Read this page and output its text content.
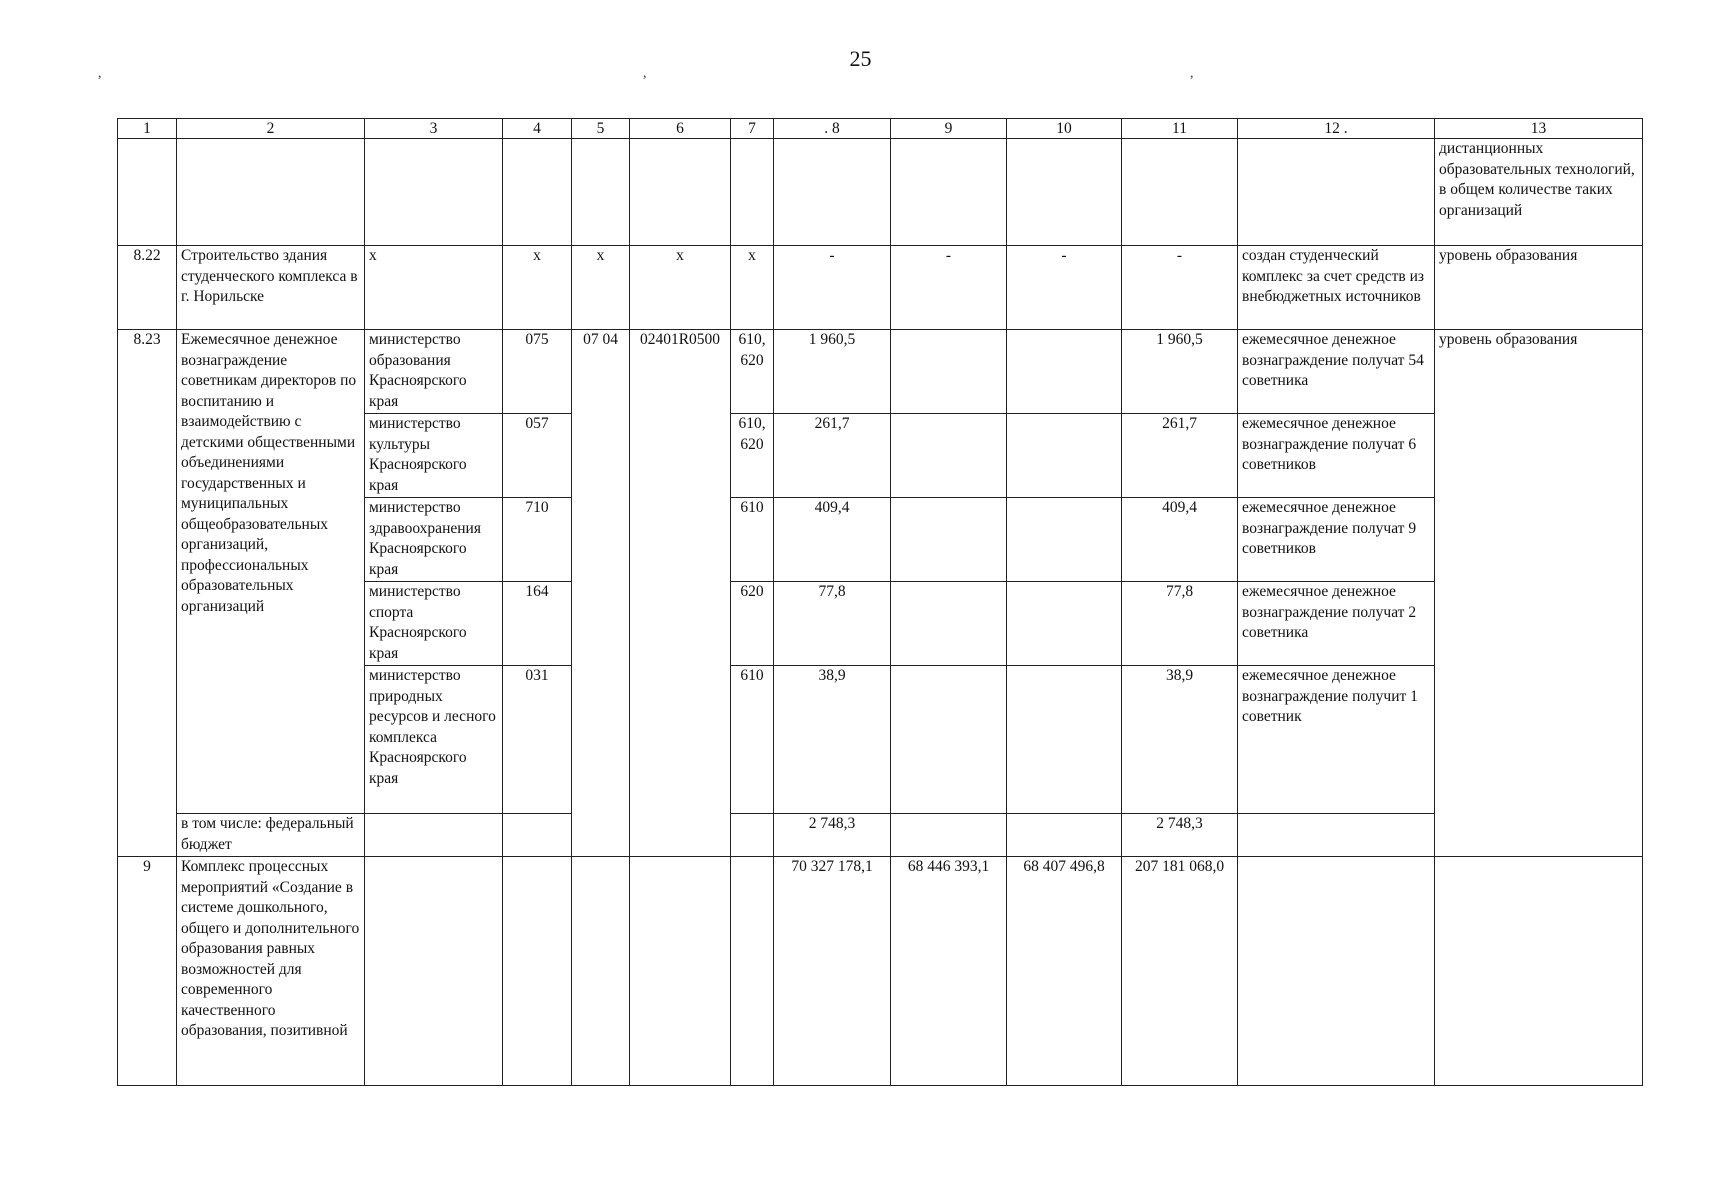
25
,	,	,
1	2	3	4	5	6	7	. 8	9	10	11	12 .	13
												дистанционных образовательных технологий, в общем количестве таких организаций
8.22	Строительство здания студенческого комплекса в г. Норильске	х	х	х	х	х	-	-	-	-	создан студенческий комплекс за счет средств из внебюджетных источников	уровень образования
8.23	Ежемесячное денежное вознаграждение советникам директоров по воспитанию и взаимодействию с детскими общественными объединениями государственных и муниципальных общеобразовательных организаций, профессиональных образовательных организаций	министерство образования Красноярского края	075	07 04	02401R0500	610, 620	1 960,5			1 960,5	ежемесячное денежное вознаграждение получат 54 советника	уровень образования
		министерство культуры Красноярского края	057			610, 620	261,7			261,7	ежемесячное денежное вознаграждение получат 6 советников	
		министерство здравоохранения Красноярского края	710			610	409,4			409,4	ежемесячное денежное вознаграждение получат 9 советников	
		министерство спорта Красноярского края	164			620	77,8			77,8	ежемесячное денежное вознаграждение получат 2 советника	
		министерство природных ресурсов и лесного комплекса Красноярского края	031			610	38,9			38,9	ежемесячное денежное вознаграждение получит 1 советник	
	в том числе: федеральный бюджет						2 748,3			2 748,3		
9	Комплекс процессных мероприятий «Создание в системе дошкольного, общего и дополнительного образования равных возможностей для современного качественного образования, позитивной						70 327 178,1	68 446 393,1	68 407 496,8	207 181 068,0		
